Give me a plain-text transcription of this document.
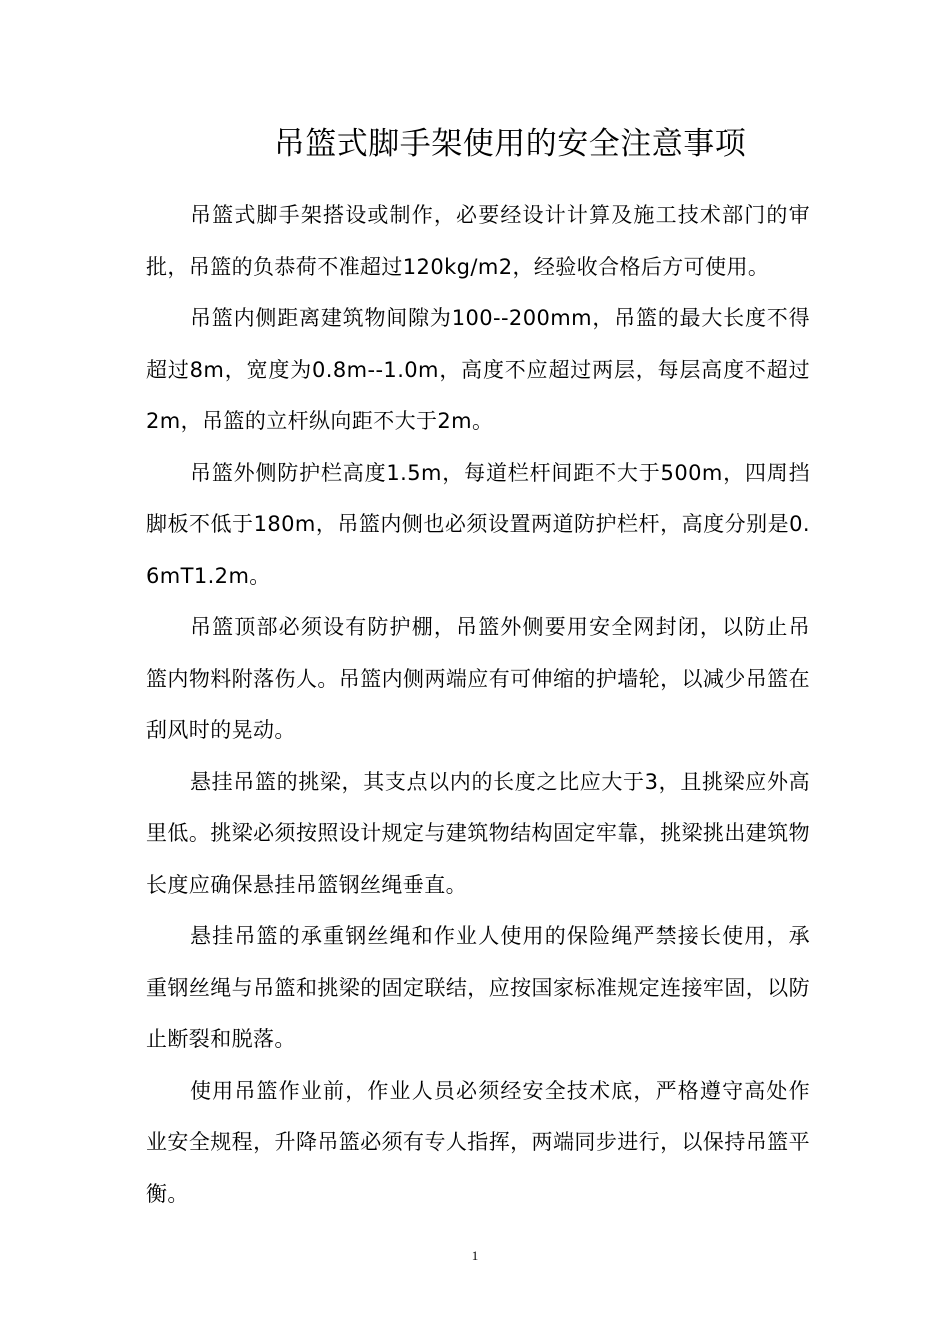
吊篮式脚手架使用的安全注意事项

吊篮式脚手架搭设或制作，必要经设计计算及施工技术部门的审批，吊篮的负恭荷不准超过120kg/m2，经验收合格后方可使用。

吊篮内侧距离建筑物间隙为100--200mm，吊篮的最大长度不得超过8m，宽度为0.8m--1.0m，高度不应超过两层，每层高度不超过2m，吊篮的立杆纵向距不大于2m。

吊篮外侧防护栏高度1.5m，每道栏杆间距不大于500m，四周挡脚板不低于180m，吊篮内侧也必须设置两道防护栏杆，高度分别是0.6mT1.2m。

吊篮顶部必须设有防护棚，吊篮外侧要用安全网封闭，以防止吊篮内物料附落伤人。吊篮内侧两端应有可伸缩的护墙轮，以减少吊篮在刮风时的晃动。

悬挂吊篮的挑梁，其支点以内的长度之比应大于3，且挑梁应外高里低。挑梁必须按照设计规定与建筑物结构固定牢靠，挑梁挑出建筑物长度应确保悬挂吊篮钢丝绳垂直。

悬挂吊篮的承重钢丝绳和作业人使用的保险绳严禁接长使用，承重钢丝绳与吊篮和挑梁的固定联结，应按国家标准规定连接牢固，以防止断裂和脱落。

使用吊篮作业前，作业人员必须经安全技术底，严格遵守高处作业安全规程，升降吊篮必须有专人指挥，两端同步进行，以保持吊篮平衡。

1
